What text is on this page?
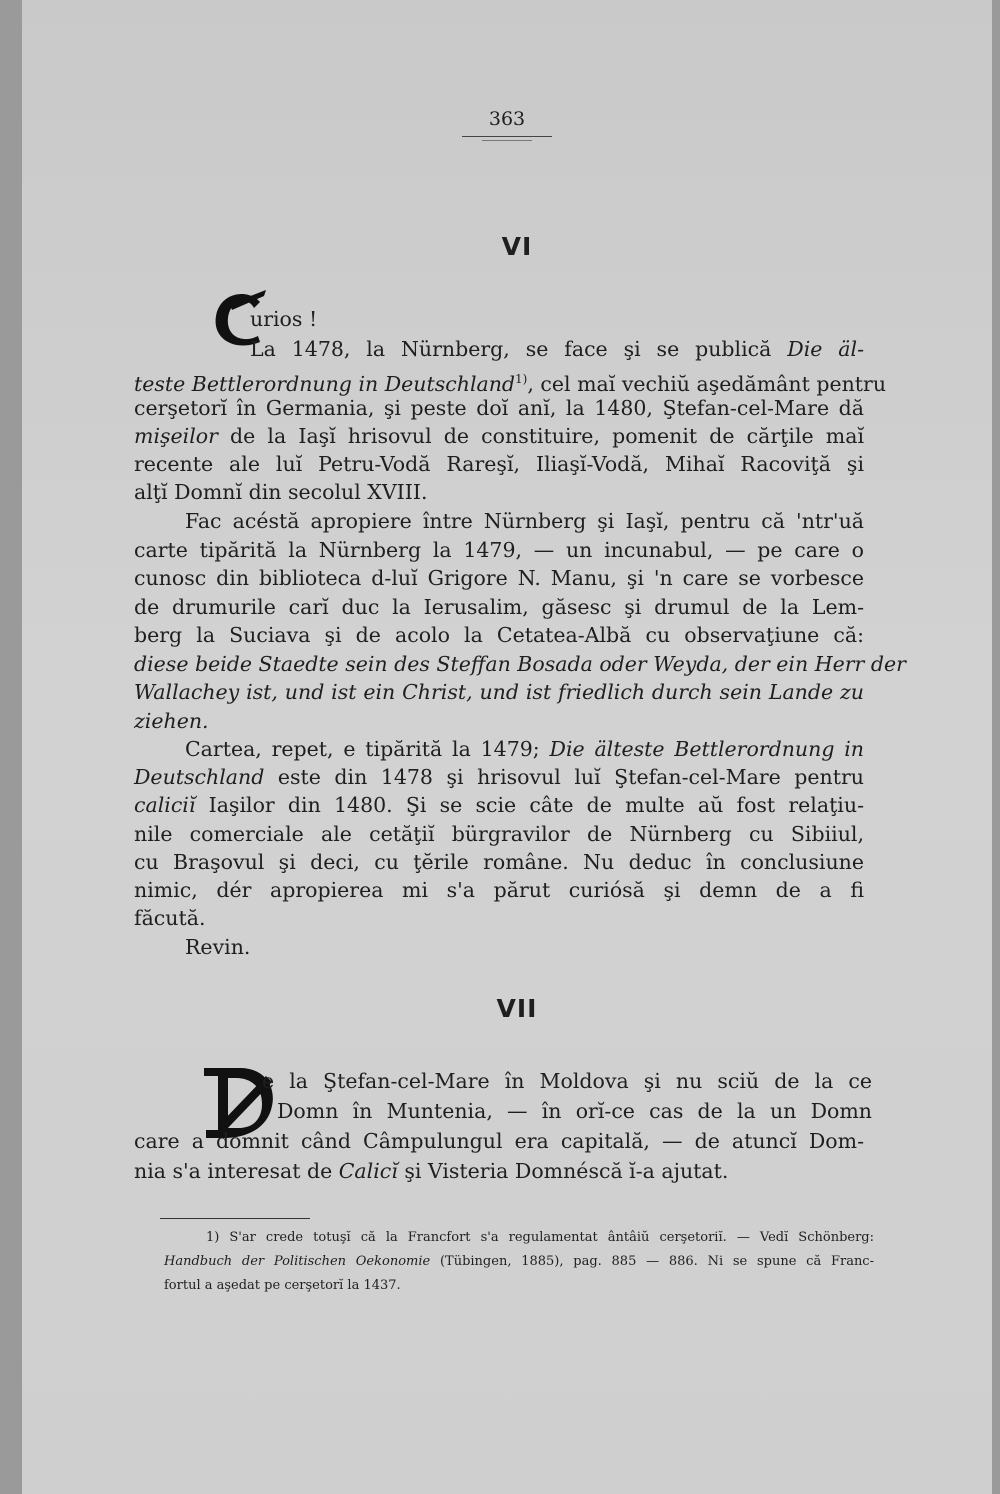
363
VI
urios !
La 1478, la Nürnberg, se face şi se publică Die äl-
teste Bettlerordnung in Deutschland$^{1)}$, cel maĭ vechiŭ aşedământ pentru
cerşetorĭ în Germania, şi peste doĭ anĭ, la 1480, Ştefan-cel-Mare dă
mişeilor de la Iaşĭ hrisovul de constituire, pomenit de cărţile maĭ
recente ale luĭ Petru-Vodă Rareşĭ, Iliaşĭ-Vodă, Mihaĭ Racoviţă şi
alţĭ Domnĭ din secolul XVIII.
Fac acéstă apropiere între Nürnberg şi Iaşĭ, pentru că 'ntr'uă
carte tipărită la Nürnberg la 1479, — un incunabul, — pe care o
cunosc din biblioteca d-luĭ Grigore N. Manu, şi 'n care se vorbesce
de drumurile carĭ duc la Ierusalim, găsesc şi drumul de la Lem-
berg la Suciava şi de acolo la Cetatea-Albă cu observaţiune că:
diese beide Staedte sein des Steffan Bosada oder Weyda, der ein Herr der
Wallachey ist, und ist ein Christ, und ist friedlich durch sein Lande zu
ziehen.
Cartea, repet, e tipărită la 1479; Die älteste Bettlerordnung in
Deutschland este din 1478 şi hrisovul luĭ Ştefan-cel-Mare pentru
caliciĭ Iaşilor din 1480. Şi se scie câte de multe aŭ fost relaţiu-
nile comerciale ale cetăţiĭ bürgravilor de Nürnberg cu Sibiiul,
cu Braşovul şi deci, cu ţĕrile române. Nu deduc în conclusiune
nimic, dér apropierea mi s'a părut curiósă şi demn de a fi
făcută.
Revin.
VII
e la Ştefan-cel-Mare în Moldova şi nu sciŭ de la ce
Domn în Muntenia, — în orĭ-ce cas de la un Domn
care a domnit când Câmpulungul era capitală, — de atuncĭ Dom-
nia s'a interesat de Calicĭ şi Visteria Domnéscă ĭ-a ajutat.
1) S'ar crede totuşĭ că la Francfort s'a regulamentat ântâiŭ cerşetoriĭ. — Vedĭ Schönberg:
Handbuch der Politischen Oekonomie (Tübingen, 1885), pag. 885 — 886. Ni se spune că Franc-
fortul a aşedat pe cerşetorĭ la 1437.
